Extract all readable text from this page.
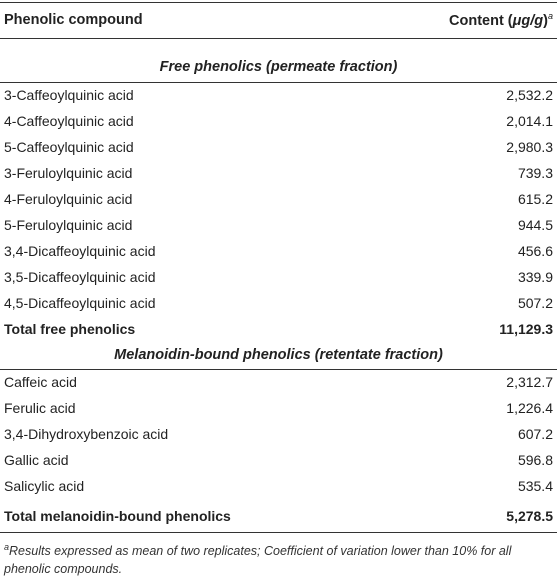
Phenolic compound	Content $(\mu g/g)^a$
Free phenolics (permeate fraction)
3-Caffeoylquinic acid	2,532.2
4-Caffeoylquinic acid	2,014.1
5-Caffeoylquinic acid	2,980.3
3-Feruloylquinic acid	739.3
4-Feruloylquinic acid	615.2
5-Feruloylquinic acid	944.5
3,4-Dicaffeoylquinic acid	456.6
3,5-Dicaffeoylquinic acid	339.9
4,5-Dicaffeoylquinic acid	507.2
Total free phenolics	11,129.3
Melanoidin-bound phenolics (retentate fraction)
Caffeic acid	2,312.7
Ferulic acid	1,226.4
3,4-Dihydroxybenzoic acid	607.2
Gallic acid	596.8
Salicylic acid	535.4
Total melanoidin-bound phenolics	5,278.5
$^a$Results expressed as mean of two replicates; Coefficient of variation lower than 10% for all phenolic compounds.
